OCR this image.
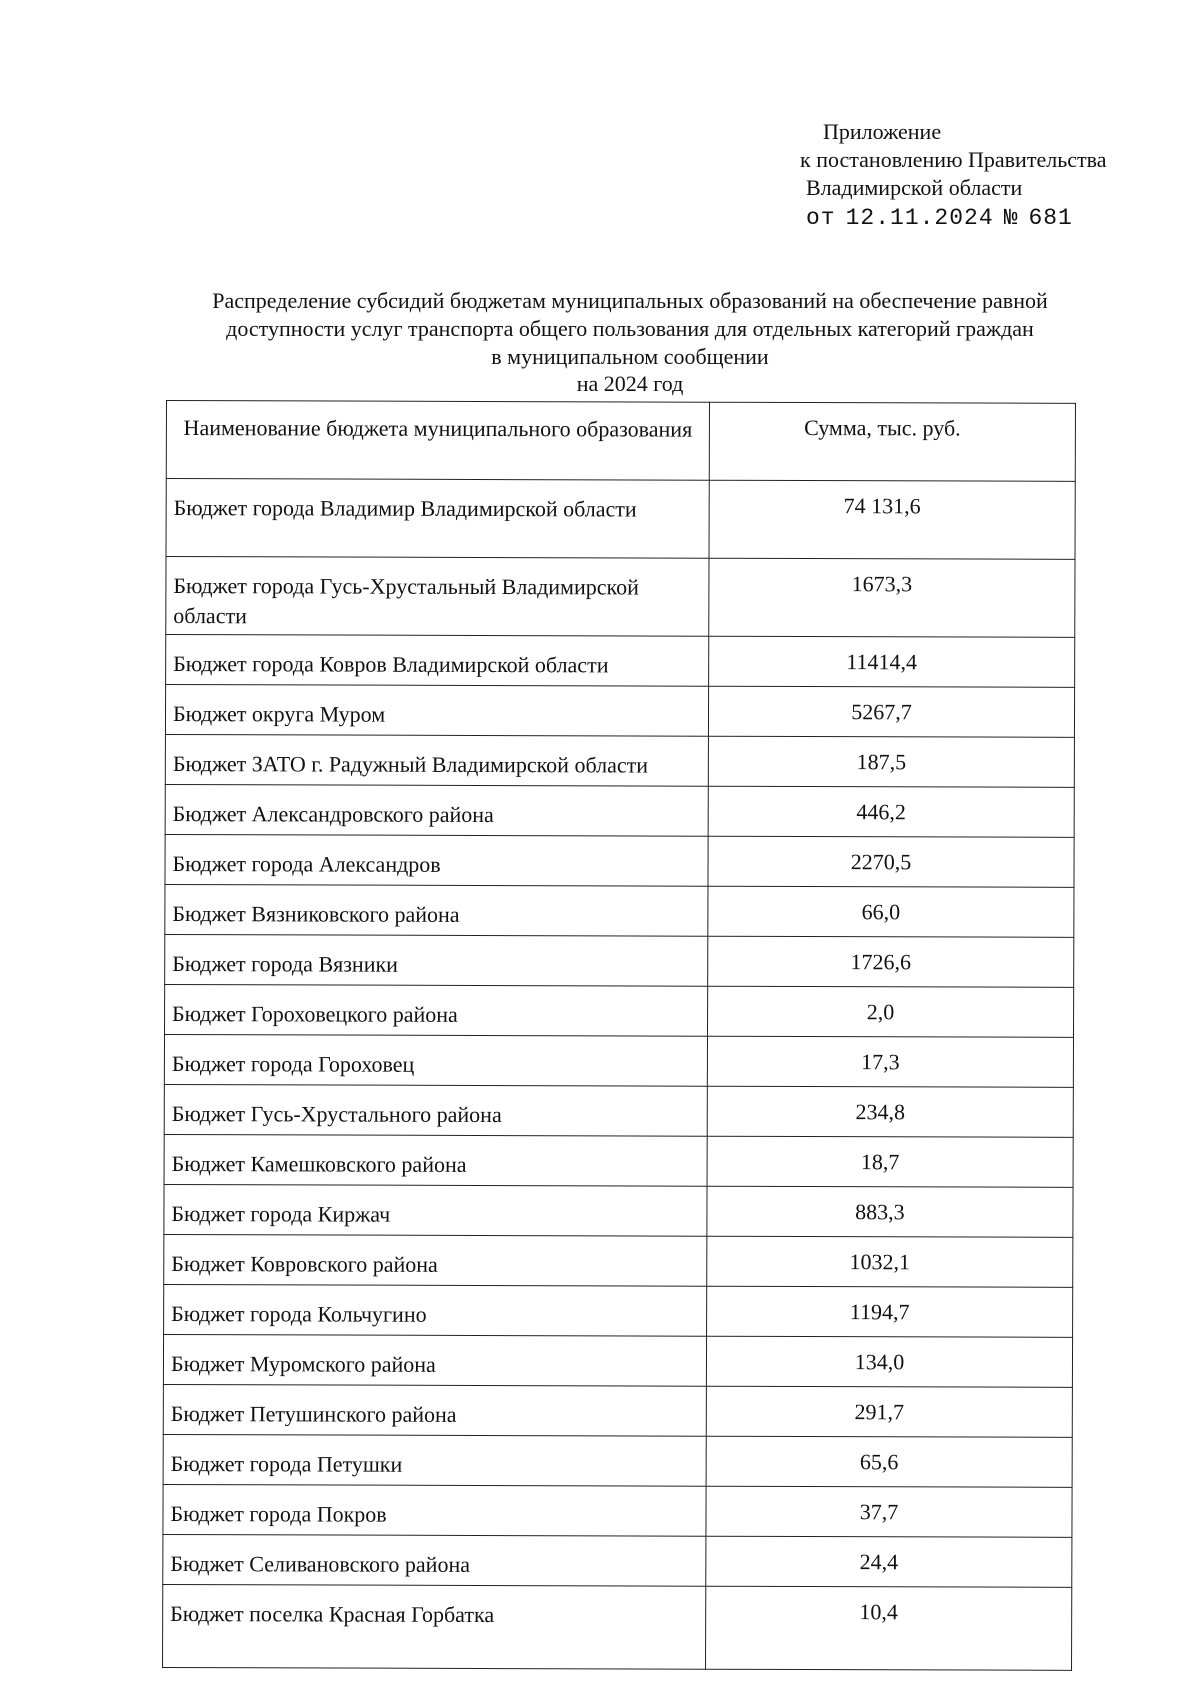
Приложение
к постановлению Правительства
Владимирской области
от 12.11.2024 № 681
Распределение субсидий бюджетам муниципальных образований на обеспечение равной
доступности услуг транспорта общего пользования для отдельных категорий граждан
в муниципальном сообщении
на 2024 год
Наименование бюджета муниципального образования	Сумма, тыс. руб.
Бюджет города Владимир Владимирской области	74 131,6
Бюджет города Гусь-Хрустальный Владимирской области	1673,3
Бюджет города Ковров Владимирской области	11414,4
Бюджет округа Муром	5267,7
Бюджет ЗАТО г. Радужный Владимирской области	187,5
Бюджет Александровского района	446,2
Бюджет города Александров	2270,5
Бюджет Вязниковского района	66,0
Бюджет города Вязники	1726,6
Бюджет Гороховецкого района	2,0
Бюджет города Гороховец	17,3
Бюджет Гусь-Хрустального района	234,8
Бюджет Камешковского района	18,7
Бюджет города Киржач	883,3
Бюджет Ковровского района	1032,1
Бюджет города Кольчугино	1194,7
Бюджет Муромского района	134,0
Бюджет Петушинского района	291,7
Бюджет города Петушки	65,6
Бюджет города Покров	37,7
Бюджет Селивановского района	24,4
Бюджет поселка Красная Горбатка	10,4
